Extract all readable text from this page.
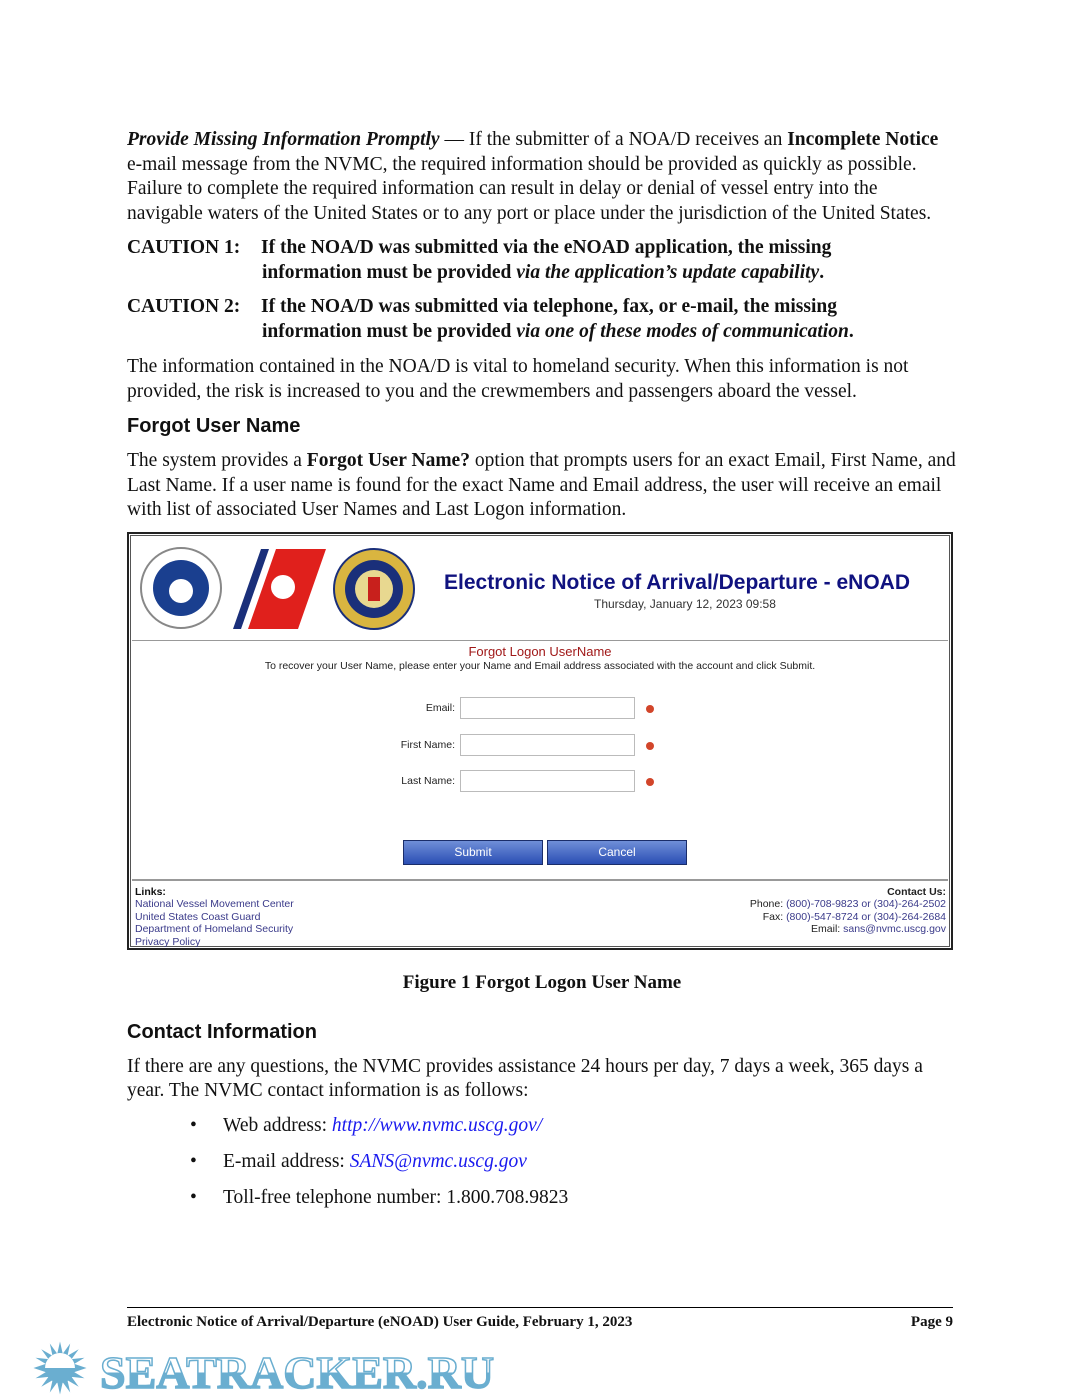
Provide Missing Information Promptly — If the submitter of a NOA/D receives an Incomplete Notice e-mail message from the NVMC, the required information should be provided as quickly as possible. Failure to complete the required information can result in delay or denial of vessel entry into the navigable waters of the United States or to any port or place under the jurisdiction of the United States.

CAUTION 1: If the NOA/D was submitted via the eNOAD application, the missing
information must be provided via the application’s update capability.
CAUTION 2: If the NOA/D was submitted via telephone, fax, or e-mail, the missing
information must be provided via one of these modes of communication.

The information contained in the NOA/D is vital to homeland security. When this information is not provided, the risk is increased to you and the crewmembers and passengers aboard the vessel.

Forgot User Name

The system provides a Forgot User Name? option that prompts users for an exact Email, First Name, and Last Name. If a user name is found for the exact Name and Email address, the user will receive an email with list of associated User Names and Last Logon information.

Electronic Notice of Arrival/Departure - eNOAD
Thursday, January 12, 2023 09:58
Forgot Logon UserName
To recover your User Name, please enter your Name and Email address associated with the account and click Submit.
Email:
First Name:
Last Name:
Submit	Cancel
Links:
National Vessel Movement Center
United States Coast Guard
Department of Homeland Security
Privacy Policy
Contact Us:
Phone: (800)-708-9823 or (304)-264-2502
Fax: (800)-547-8724 or (304)-264-2684
Email: sans@nvmc.uscg.gov
Figure 1 Forgot Logon User Name
Contact Information

If there are any questions, the NVMC provides assistance 24 hours per day, 7 days a week, 365 days a year. The NVMC contact information is as follows:

• Web address: http://www.nvmc.uscg.gov/
• E-mail address: SANS@nvmc.uscg.gov
• Toll-free telephone number: 1.800.708.9823
Electronic Notice of Arrival/Departure (eNOAD) User Guide, February 1, 2023	Page 9
SEATRACKER.RU
